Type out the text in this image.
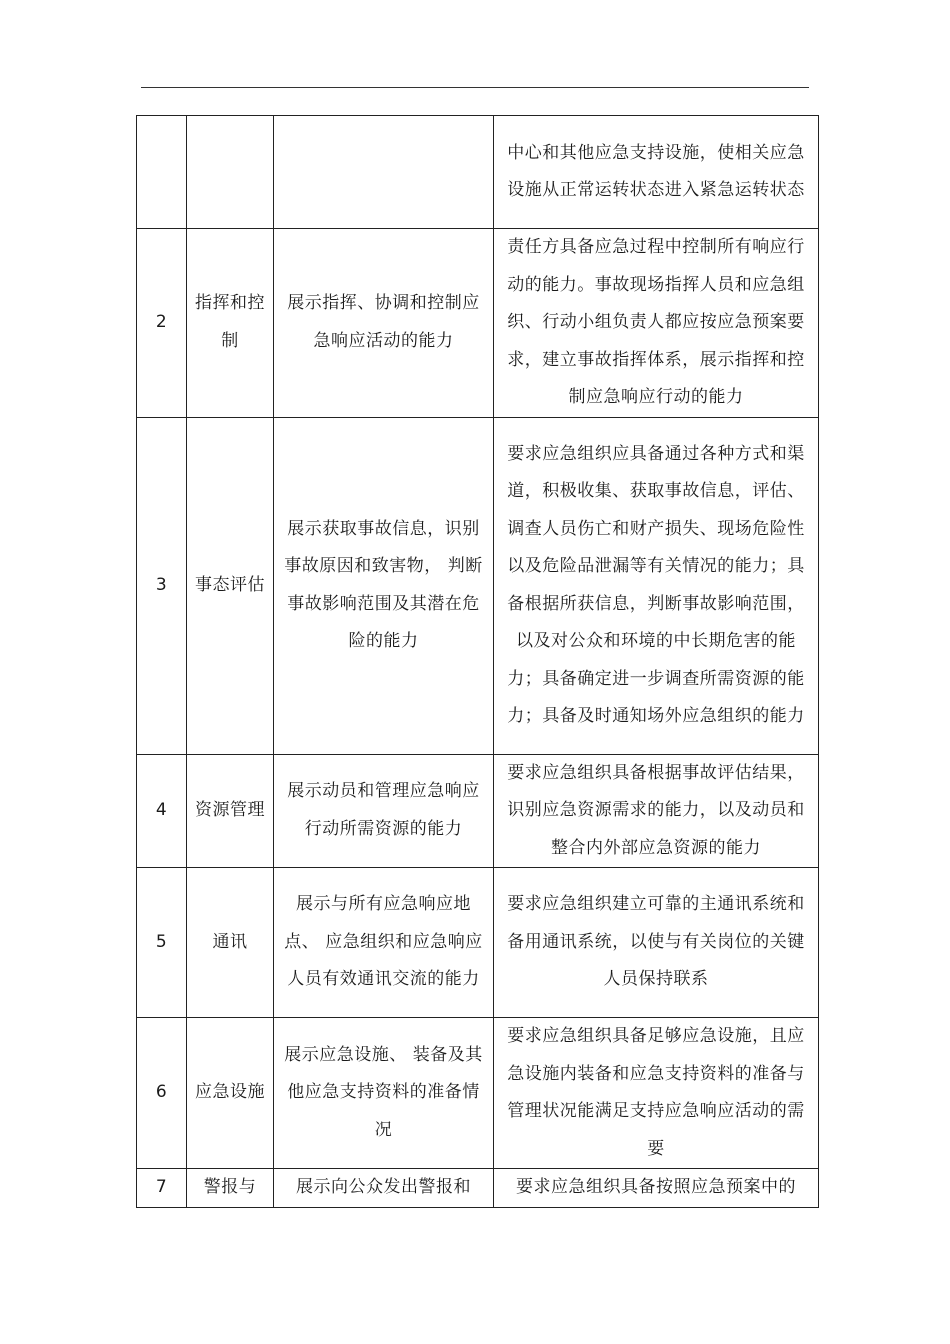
			中心和其他应急支持设施，使相关应急设施从正常运转状态进入紧急运转状态

2	指挥和控制	展示指挥、协调和控制应急响应活动的能力	责任方具备应急过程中控制所有响应行动的能力。事故现场指挥人员和应急组织、行动小组负责人都应按应急预案要求，建立事故指挥体系，展示指挥和控制应急响应行动的能力

3	事态评估	展示获取事故信息，识别事故原因和致害物， 判断事故影响范围及其潜在危险的能力	要求应急组织应具备通过各种方式和渠道，积极收集、获取事故信息，评估、调查人员伤亡和财产损失、现场危险性以及危险品泄漏等有关情况的能力；具备根据所获信息，判断事故影响范围，以及对公众和环境的中长期危害的能力；具备确定进一步调查所需资源的能力；具备及时通知场外应急组织的能力

4	资源管理	展示动员和管理应急响应行动所需资源的能力	要求应急组织具备根据事故评估结果，识别应急资源需求的能力，以及动员和整合内外部应急资源的能力

5	通讯	展示与所有应急响应地点、 应急组织和应急响应人员有效通讯交流的能力	要求应急组织建立可靠的主通讯系统和备用通讯系统，以使与有关岗位的关键人员保持联系

6	应急设施	展示应急设施、 装备及其他应急支持资料的准备情况	要求应急组织具备足够应急设施，且应急设施内装备和应急支持资料的准备与管理状况能满足支持应急响应活动的需要

7	警报与	展示向公众发出警报和	要求应急组织具备按照应急预案中的
